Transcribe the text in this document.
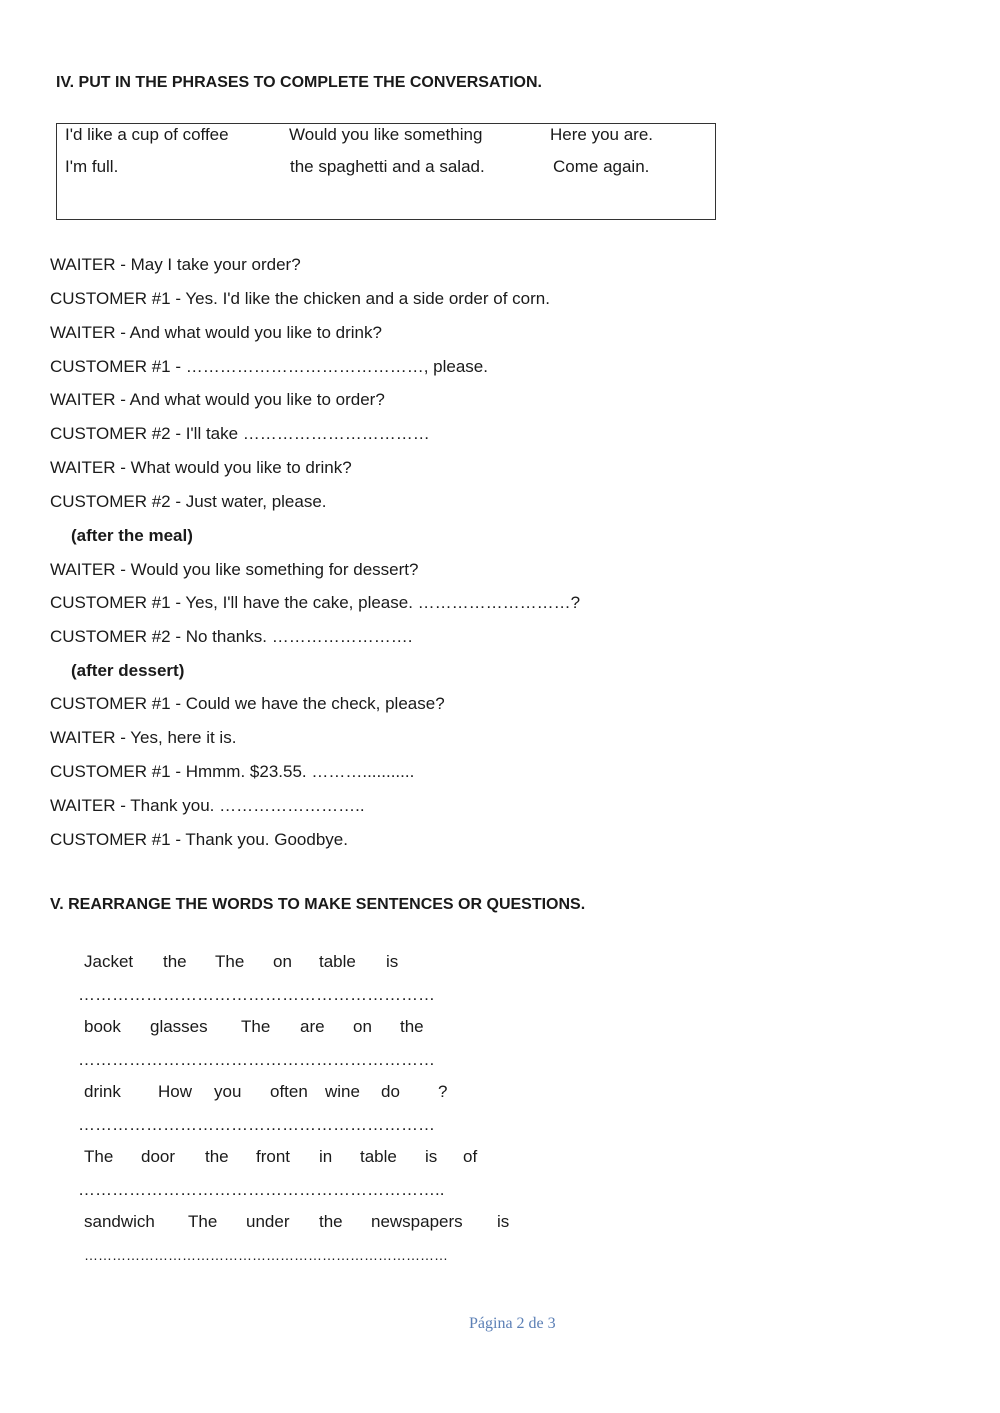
IV. PUT IN THE PHRASES TO COMPLETE THE CONVERSATION.
I'd like a cup of coffee	Would you like something	Here you are.
I'm full.	the spaghetti and a salad.	Come again.
WAITER - May I take your order?
CUSTOMER #1 - Yes. I'd like the chicken and a side order of corn.
WAITER - And what would you like to drink?
CUSTOMER #1 - ……………………………………, please.
WAITER - And what would you like to order?
CUSTOMER #2 - I'll take ……………………………
WAITER - What would you like to drink?
CUSTOMER #2 - Just water, please.
(after the meal)
WAITER - Would you like something for dessert?
CUSTOMER #1 - Yes, I'll have the cake, please. ………………………?
CUSTOMER #2 - No thanks. …………………….
(after dessert)
CUSTOMER #1 - Could we have the check, please?
WAITER - Yes, here it is.
CUSTOMER #1 - Hmmm. $23.55. ………...........
WAITER - Thank you. ……………………..
CUSTOMER #1 - Thank you. Goodbye.
V. REARRANGE THE WORDS TO MAKE SENTENCES OR QUESTIONS.
Jacket the The on table is
………………………………………………………
book glasses The are on the
………………………………………………………
drink How you often wine do ?
………………………………………………………
The door the front in table is of
………………………………………………………..
sandwich The under the newspapers is
……………………………………………………………………
Página 2 de 3
